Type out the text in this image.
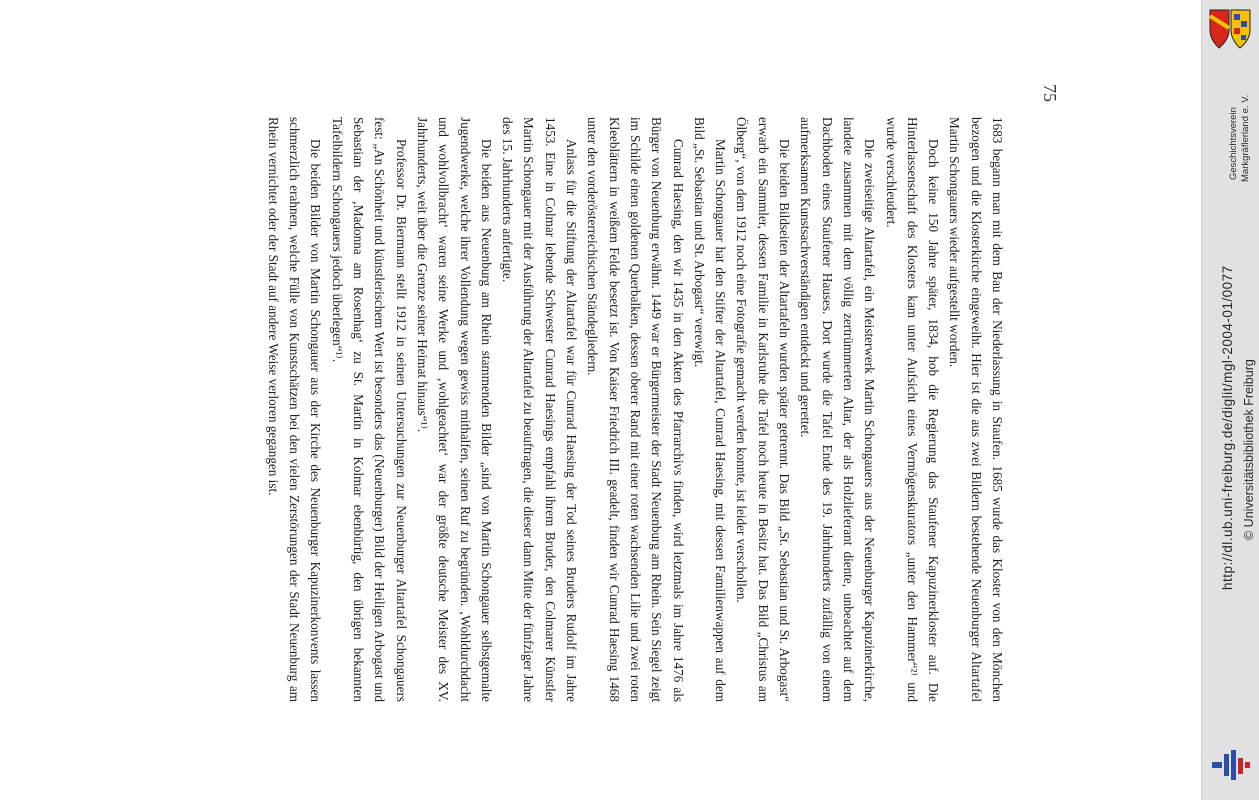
1683 begann man mit dem Bau der Niederlassung in Staufen. 1685 wurde das Kloster von den Mönchen bezogen und die Klosterkirche eingeweiht. Hier ist die aus zwei Bildern bestehende Neuenburger Altartafel Martin Schongauers wieder aufgestellt worden.

Doch keine 150 Jahre später, 1834, hob die Regierung das Staufener Kapuzinerkloster auf. Die Hinterlassenschaft des Klosters kam unter Aufsicht eines Vermögenskurators „unter den Hammer“²⁾ und wurde verschleudert.

Die zweiseitige Altartafel, ein Meisterwerk Martin Schongauers aus der Neuenburger Kapuzinerkirche, landete zusammen mit dem völlig zertrümmerten Altar, der als Holzlieferant diente, unbeachtet auf dem Dachboden eines Staufener Hauses. Dort wurde die Tafel Ende des 19. Jahrhunderts zufällig von einem aufmerksamen Kunstsachverständigen entdeckt und gerettet.

Die beiden Bildseiten der Altartafeln wurden später getrennt. Das Bild „St. Sebastian und St. Arbogast“ erwarb ein Sammler, dessen Familie in Karlsruhe die Tafel noch heute in Besitz hat. Das Bild „Christus am Ölberg“, von dem 1912 noch eine Fotografie gemacht werden konnte, ist leider verschollen.

Martin Schongauer hat den Stifter der Altartafel, Cunrad Haesing, mit dessen Familienwappen auf dem Bild „St. Sebastian und St. Arbogast“ verewigt.

Cunrad Haesing, den wir 1435 in den Akten des Pfarrarchivs finden, wird letztmals im Jahre 1476 als Bürger von Neuenburg erwähnt. 1449 war er Bürgermeister der Stadt Neuenburg am Rhein. Sein Siegel zeigt im Schilde einen goldenen Querbalken, dessen oberer Rand mit einer roten wachsenden Lilie und zwei roten Kleeblättern in weißem Felde besetzt ist. Von Kaiser Friedrich III. geadelt, finden wir Cunrad Haesing 1468 unter den vorderösterreichischen Ständegliedern.

Anlass für die Stiftung der Altartafel war für Cunrad Haesing der Tod seines Bruders Rudolf im Jahre 1453. Eine in Colmar lebende Schwester Cunrad Haesings empfahl ihrem Bruder, den Colmarer Künstler Martin Schongauer mit der Ausführung der Altartafel zu beauftragen, die dieser dann Mitte der fünfziger Jahre des 15. Jahrhunderts anfertigte.

Die beiden aus Neuenburg am Rhein stammenden Bilder „sind von Martin Schongauer selbstgemalte Jugendwerke, welche ihrer Vollendung wegen gewiss mithalfen, seinen Ruf zu begründen. ‚Wohldurchdacht und wohlvollbracht‘ waren seine Werke und ‚wohlgeachtet‘ war der größte deutsche Meister des XV. Jahrhunderts, weit über die Grenze seiner Heimat hinaus“¹⁾.

Professor Dr. Biermann stellt 1912 in seinen Untersuchungen zur Neuenburger Altartafel Schongauers fest: „An Schönheit und künstlerischem Wert ist besonders das (Neuenburger) Bild der Heiligen Arbogast und Sebastian der ‚Madonna am Rosenhag‘ zu St. Martin in Kolmar ebenbürtig, den übrigen bekannten Tafelbildern Schongauers jedoch überlegen“¹⁾.

Die beiden Bilder von Martin Schongauer aus der Kirche des Neuenburger Kapuzinerkonvents lassen schmerzlich erahnen, welche Fülle von Kunstschätzen bei den vielen Zerstörungen der Stadt Neuenburg am Rhein vernichtet oder der Stadt auf andere Weise verloren gegangen ist.

75
Geschichtsverein Markgräflerland e. V.
http://dl.ub.uni-freiburg.de/diglit/mgl-2004-01/0077 © Universitätsbibliothek Freiburg
